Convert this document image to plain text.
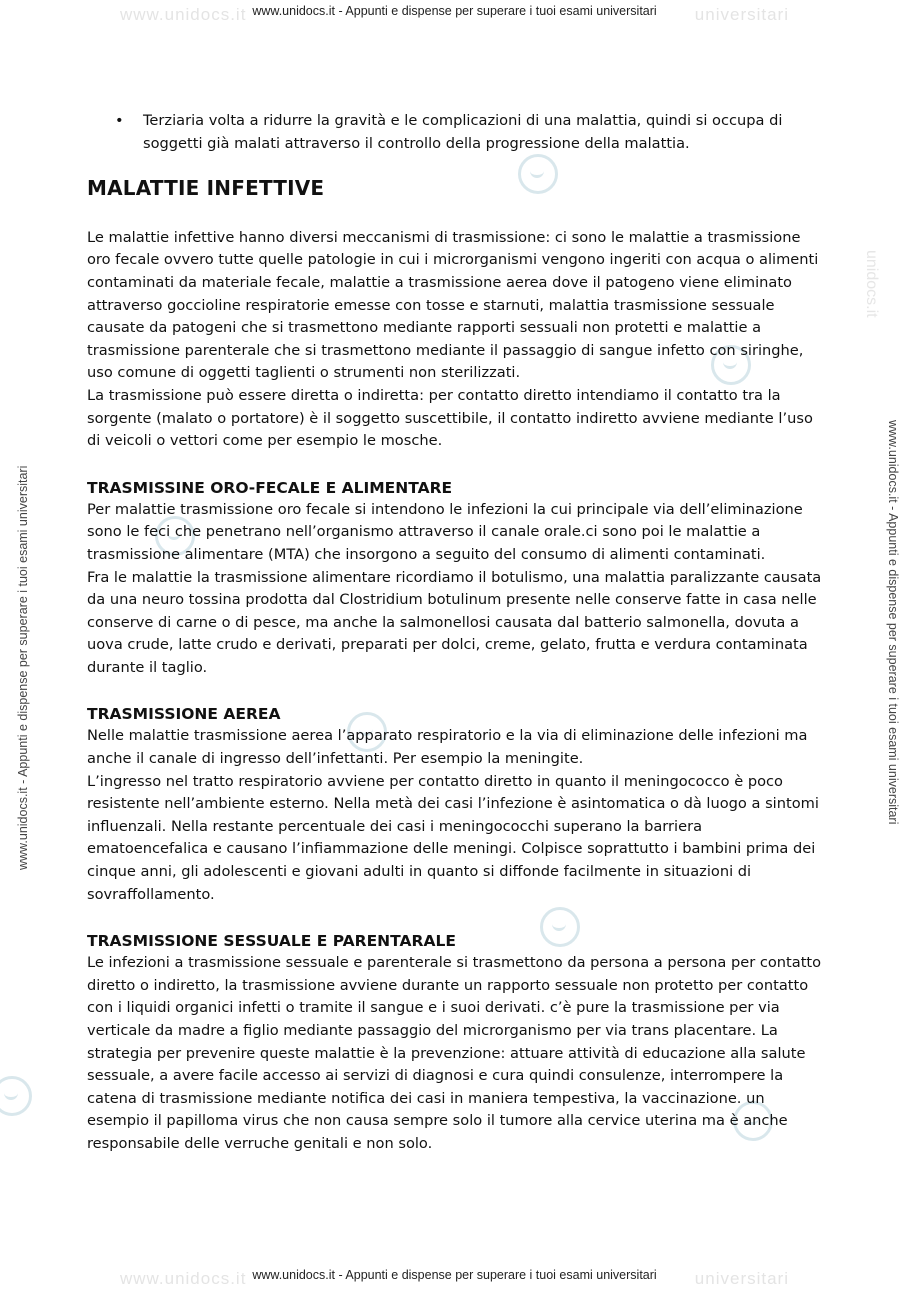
www.unidocs.it	universitari
www.unidocs.it - Appunti e dispense per superare i tuoi esami universitari
www.unidocs.it	universitari
www.unidocs.it - Appunti e dispense per superare i tuoi esami universitari
www.unidocs.it - Appunti e dispense per superare i tuoi esami universitari	www.unidocs.it - Appunti e dispense per superare i tuoi esami universitari
unidocs.it

• Terziaria volta a ridurre la gravità e le complicazioni di una malattia, quindi si occupa di soggetti già malati attraverso il controllo della progressione della malattia.

MALATTIE INFETTIVE

Le malattie infettive hanno diversi meccanismi di trasmissione: ci sono le malattie a trasmissione oro fecale ovvero tutte quelle patologie in cui i microrganismi vengono ingeriti con acqua o alimenti contaminati da materiale fecale, malattie a trasmissione aerea dove il patogeno viene eliminato attraverso goccioline respiratorie emesse con tosse e starnuti, malattia trasmissione sessuale causate da patogeni che si trasmettono mediante rapporti sessuali non protetti e malattie a trasmissione parenterale che si trasmettono mediante il passaggio di sangue infetto con siringhe, uso comune di oggetti taglienti o strumenti non sterilizzati.

La trasmissione può essere diretta o indiretta: per contatto diretto intendiamo il contatto tra la sorgente (malato o portatore) è il soggetto suscettibile, il contatto indiretto avviene mediante l’uso di veicoli o vettori come per esempio le mosche.

TRASMISSINE ORO-FECALE E ALIMENTARE

Per malattie trasmissione oro fecale si intendono le infezioni la cui principale via dell’eliminazione sono le feci che penetrano nell’organismo attraverso il canale orale.ci sono poi le malattie a trasmissione alimentare (MTA) che insorgono a seguito del consumo di alimenti contaminati.

Fra le malattie la trasmissione alimentare ricordiamo il botulismo, una malattia paralizzante causata da una neuro tossina prodotta dal Clostridium botulinum presente nelle conserve fatte in casa nelle conserve di carne o di pesce, ma anche la salmonellosi causata dal batterio salmonella, dovuta a uova crude, latte crudo e derivati, preparati per dolci, creme, gelato, frutta e verdura contaminata durante il taglio.

TRASMISSIONE AEREA

Nelle malattie trasmissione aerea l’apparato respiratorio e la via di eliminazione delle infezioni ma anche il canale di ingresso dell’infettanti. Per esempio la meningite.

L’ingresso nel tratto respiratorio avviene per contatto diretto in quanto il meningococco è poco resistente nell’ambiente esterno. Nella metà dei casi l’infezione è asintomatica o dà luogo a sintomi influenzali. Nella restante percentuale dei casi i meningococchi superano la barriera ematoencefalica e causano l’infiammazione delle meningi. Colpisce soprattutto i bambini prima dei cinque anni, gli adolescenti e giovani adulti in quanto si diffonde facilmente in situazioni di sovraffollamento.

TRASMISSIONE SESSUALE E PARENTARALE

Le infezioni a trasmissione sessuale e parenterale si trasmettono da persona a persona per contatto diretto o indiretto, la trasmissione avviene durante un rapporto sessuale non protetto per contatto con i liquidi organici infetti o tramite il sangue e i suoi derivati. c’è pure la trasmissione per via verticale da madre a figlio mediante passaggio del microrganismo per via trans placentare. La strategia per prevenire queste malattie è la prevenzione: attuare attività di educazione alla salute sessuale, a avere facile accesso ai servizi di diagnosi e cura quindi consulenze, interrompere la catena di trasmissione mediante notifica dei casi in maniera tempestiva, la vaccinazione. un esempio il papilloma virus che non causa sempre solo il tumore alla cervice uterina ma è anche responsabile delle verruche genitali e non solo.
